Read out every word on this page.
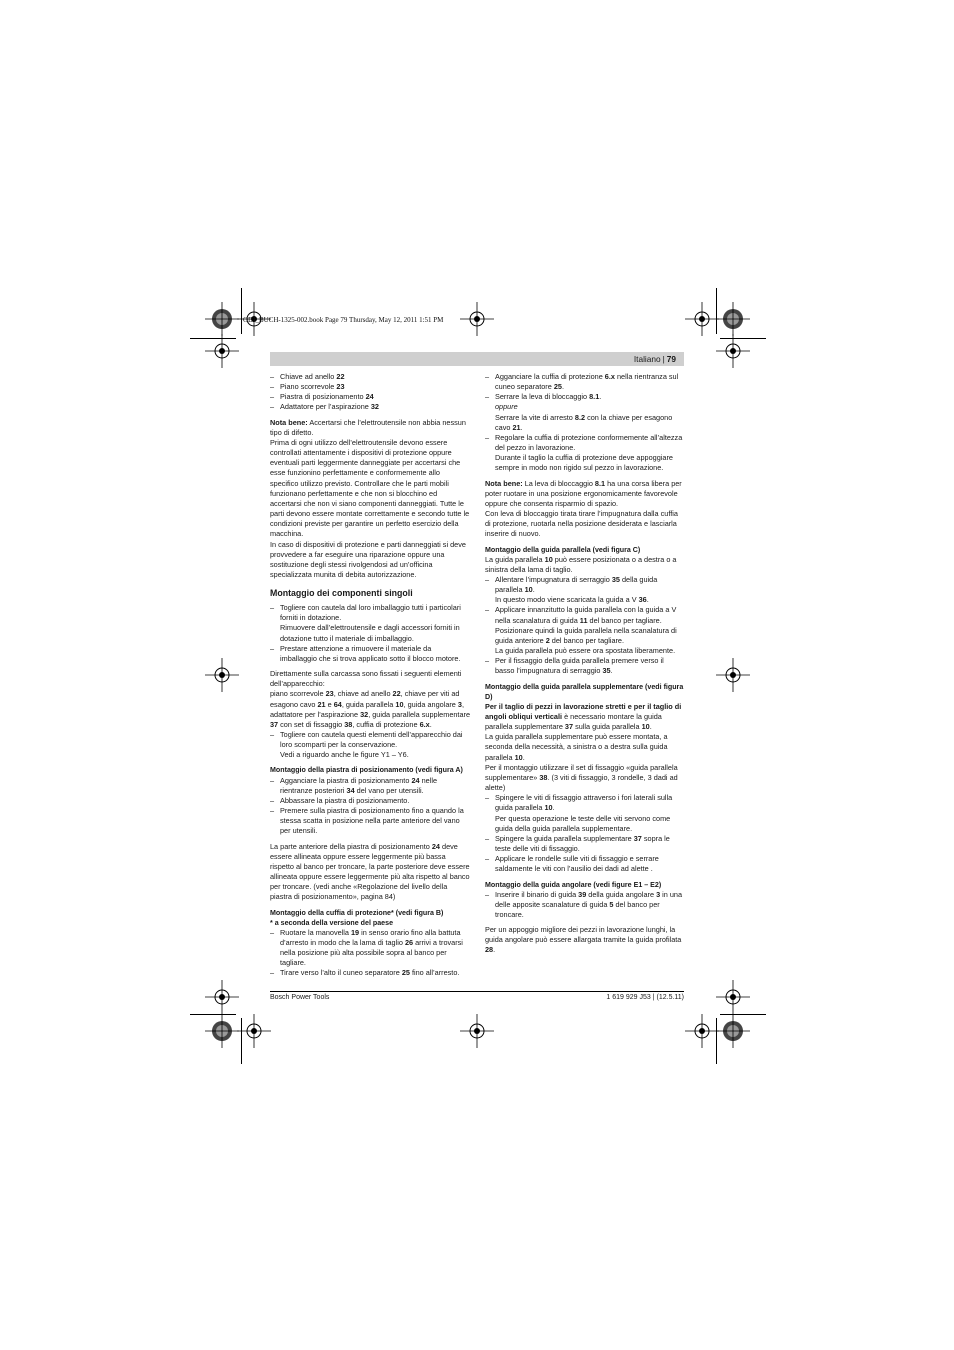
OBJ_BUCH-1325-002.book Page 79 Thursday, May 12, 2011 1:51 PM
Italiano | 79

– Chiave ad anello 22

– Piano scorrevole 23

– Piastra di posizionamento 24

– Adattatore per l’aspirazione 32

Nota bene: Accertarsi che l’elettroutensile non abbia nessun tipo di difetto.

Prima di ogni utilizzo dell’elettroutensile devono essere controllati attentamente i dispositivi di protezione oppure eventuali parti leggermente danneggiate per accertarsi che esse funzionino perfettamente e conformemente allo specifico utilizzo previsto. Controllare che le parti mobili funzionano perfettamente e che non si blocchino ed accertarsi che non vi siano componenti danneggiati. Tutte le parti devono essere montate correttamente e secondo tutte le condizioni previste per garantire un perfetto esercizio della macchina.

In caso di dispositivi di protezione e parti danneggiati si deve provvedere a far eseguire una riparazione oppure una sostituzione degli stessi rivolgendosi ad un’officina specializzata munita di debita autorizzazione.

Montaggio dei componenti singoli

– Togliere con cautela dal loro imballaggio tutti i particolari forniti in dotazione.

Rimuovere dall’elettroutensile e dagli accessori forniti in dotazione tutto il materiale di imballaggio.

– Prestare attenzione a rimuovere il materiale da imballaggio che si trova applicato sotto il blocco motore.

Direttamente sulla carcassa sono fissati i seguenti elementi dell’apparecchio:

piano scorrevole 23, chiave ad anello 22, chiave per viti ad esagono cavo 21 e 64, guida parallela 10, guida angolare 3, adattatore per l’aspirazione 32, guida parallela supplementare 37 con set di fissaggio 38, cuffia di protezione 6.x.

– Togliere con cautela questi elementi dell’apparecchio dai loro scomparti per la conservazione.

Vedi a riguardo anche le figure Y1 – Y6.

Montaggio della piastra di posizionamento (vedi figura A)

– Agganciare la piastra di posizionamento 24 nelle rientranze posteriori 34 del vano per utensili.

– Abbassare la piastra di posizionamento.

– Premere sulla piastra di posizionamento fino a quando la stessa scatta in posizione nella parte anteriore del vano per utensili.

La parte anteriore della piastra di posizionamento 24 deve essere allineata oppure essere leggermente più bassa rispetto al banco per troncare, la parte posteriore deve essere allineata oppure essere leggermente più alta rispetto al banco per troncare. (vedi anche «Regolazione del livello della piastra di posizionamento», pagina 84)

Montaggio della cuffia di protezione* (vedi figura B)

* a seconda della versione del paese

– Ruotare la manovella 19 in senso orario fino alla battuta d’arresto in modo che la lama di taglio 26 arrivi a trovarsi nella posizione più alta possibile sopra al banco per tagliare.

– Tirare verso l’alto il cuneo separatore 25 fino all’arresto.

– Agganciare la cuffia di protezione 6.x nella rientranza sul cuneo separatore 25.

– Serrare la leva di bloccaggio 8.1.

oppure

Serrare la vite di arresto 8.2 con la chiave per esagono cavo 21.

– Regolare la cuffia di protezione conformemente all’altezza del pezzo in lavorazione.

Durante il taglio la cuffia di protezione deve appoggiare sempre in modo non rigido sul pezzo in lavorazione.

Nota bene: La leva di bloccaggio 8.1 ha una corsa libera per poter ruotare in una posizione ergonomicamente favorevole oppure che consenta risparmio di spazio.

Con leva di bloccaggio tirata tirare l’impugnatura dalla cuffia di protezione, ruotarla nella posizione desiderata e lasciarla inserire di nuovo.

Montaggio della guida parallela (vedi figura C)

La guida parallela 10 può essere posizionata o a destra o a sinistra della lama di taglio.

– Allentare l’impugnatura di serraggio 35 della guida parallela 10.

In questo modo viene scaricata la guida a V 36.

– Applicare innanzitutto la guida parallela con la guida a V nella scanalatura di guida 11 del banco per tagliare. Posizionare quindi la guida parallela nella scanalatura di guida anteriore 2 del banco per tagliare.

La guida parallela può essere ora spostata liberamente.

– Per il fissaggio della guida parallela premere verso il basso l’impugnatura di serraggio 35.

Montaggio della guida parallela supplementare (vedi figura D)

Per il taglio di pezzi in lavorazione stretti e per il taglio di angoli obliqui verticali è necessario montare la guida parallela supplementare 37 sulla guida parallela 10.

La guida parallela supplementare può essere montata, a seconda della necessità, a sinistra o a destra sulla guida parallela 10.

Per il montaggio utilizzare il set di fissaggio «guida parallela supplementare» 38. (3 viti di fissaggio, 3 rondelle, 3 dadi ad alette)

– Spingere le viti di fissaggio attraverso i fori laterali sulla guida parallela 10.

Per questa operazione le teste delle viti servono come guida della guida parallela supplementare.

– Spingere la guida parallela supplementare 37 sopra le teste delle viti di fissaggio.

– Applicare le rondelle sulle viti di fissaggio e serrare saldamente le viti con l’ausilio dei dadi ad alette .

Montaggio della guida angolare (vedi figure E1 – E2)

– Inserire il binario di guida 39 della guida angolare 3 in una delle apposite scanalature di guida 5 del banco per troncare.

Per un appoggio migliore dei pezzi in lavorazione lunghi, la guida angolare può essere allargata tramite la guida profilata 28.

Bosch Power Tools	1 619 929 J53 | (12.5.11)
